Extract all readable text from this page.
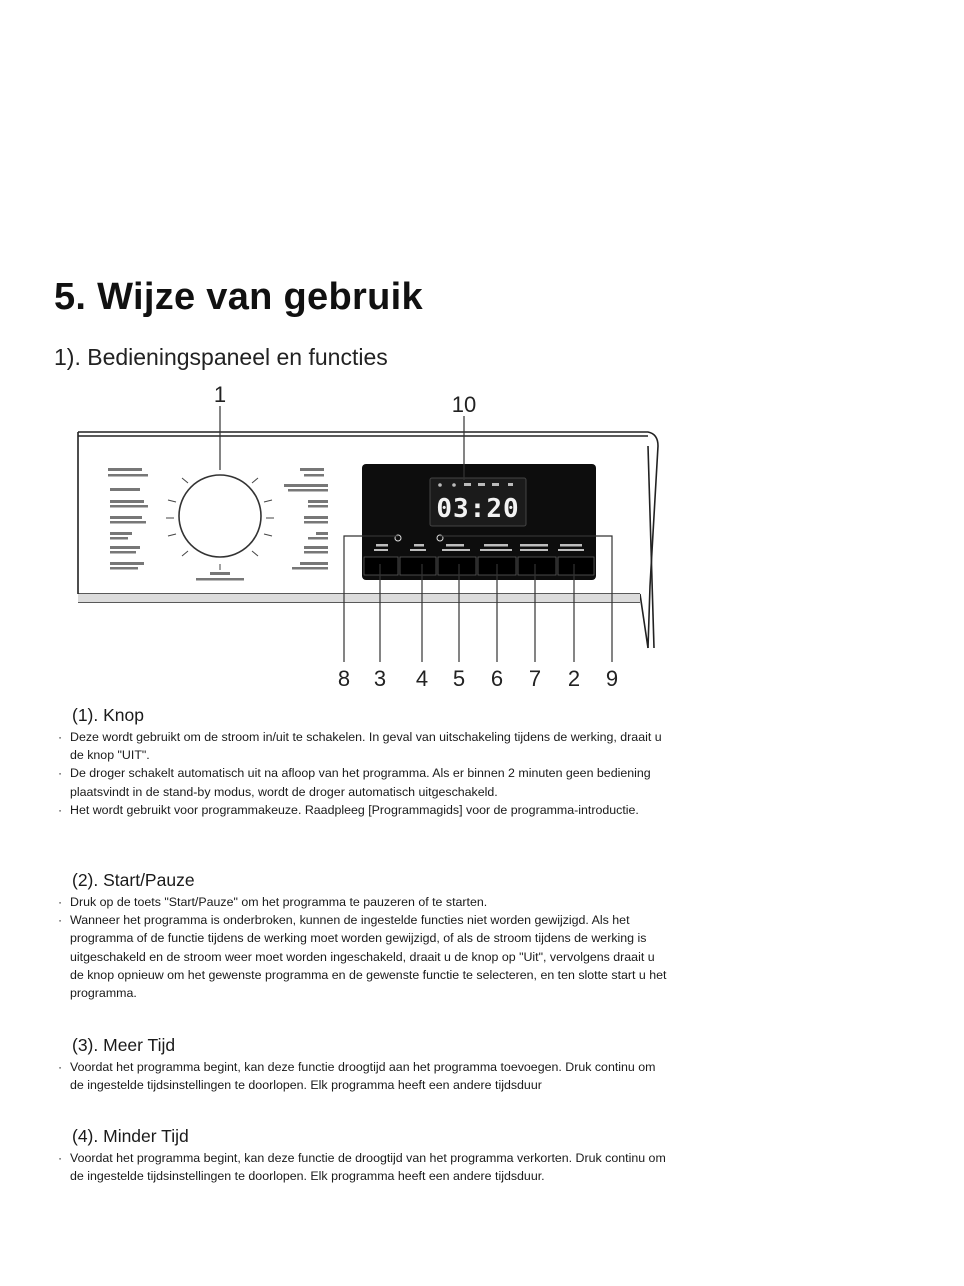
5. Wijze van gebruik
1). Bedieningspaneel en functies
03:20
1	10
8 3 4 5 6 7 2 9
(1). Knop
· Deze wordt gebruikt om de stroom in/uit te schakelen. In geval van uitschakeling tijdens de werking, draait u de knop "UIT".
· De droger schakelt automatisch uit na afloop van het programma. Als er binnen 2 minuten geen bediening plaatsvindt in de stand-by modus, wordt de droger automatisch uitgeschakeld.
· Het wordt gebruikt voor programmakeuze. Raadpleeg [Programmagids] voor de programma-introductie.
(2). Start/Pauze
· Druk op de toets "Start/Pauze" om het programma te pauzeren of te starten.
· Wanneer het programma is onderbroken, kunnen de ingestelde functies niet worden gewijzigd. Als het programma of de functie tijdens de werking moet worden gewijzigd, of als de stroom tijdens de werking is uitgeschakeld en de stroom weer moet worden ingeschakeld, draait u de knop op "Uit", vervolgens draait u de knop opnieuw om het gewenste programma en de gewenste functie te selecteren, en ten slotte start u het programma.
(3). Meer Tijd
· Voordat het programma begint, kan deze functie droogtijd aan het programma toevoegen. Druk continu om de ingestelde tijdsinstellingen te doorlopen. Elk programma heeft een andere tijdsduur
(4). Minder Tijd
· Voordat het programma begint, kan deze functie de droogtijd van het programma verkorten. Druk continu om de ingestelde tijdsinstellingen te doorlopen. Elk programma heeft een andere tijdsduur.
